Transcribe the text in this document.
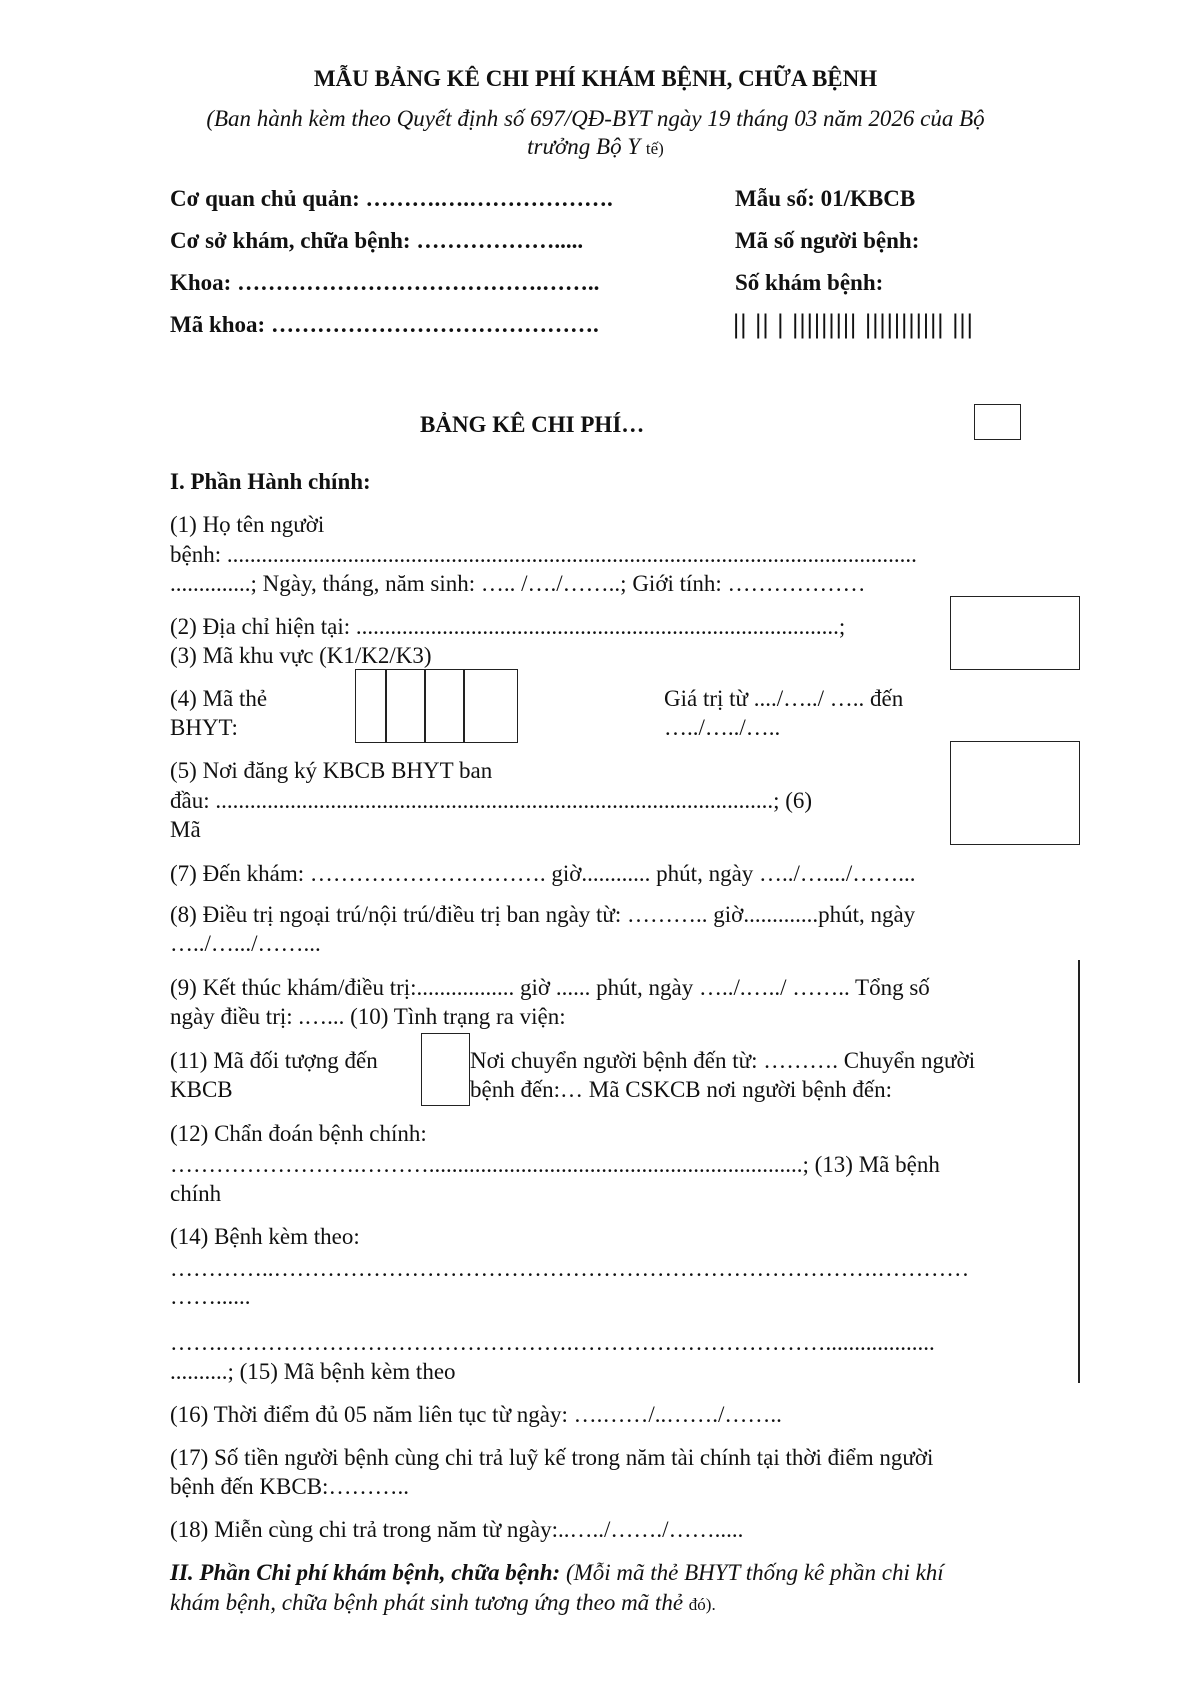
MẪU BẢNG KÊ CHI PHÍ KHÁM BỆNH, CHỮA BỆNH
(Ban hành kèm theo Quyết định số 697/QĐ-BYT ngày 19 tháng 03 năm 2026 của Bộ
trưởng Bộ Y tế)
Cơ quan chủ quản: ……….….……………….
Cơ sở khám, chữa bệnh: ……………….....
Khoa: ………………………………….……..
Mã khoa: …………………………………….
Mẫu số: 01/KBCB
Mã số người bệnh:
Số khám bệnh:
|| || | ||||||||| ||||||||||| |||
BẢNG KÊ CHI PHÍ…
I. Phần Hành chính:
(1) Họ tên người
bệnh: ........................................................................................................................
..............; Ngày, tháng, năm sinh: ….. /…./……..; Giới tính: ………………
(2) Địa chỉ hiện tại: ....................................................................................;
(3) Mã khu vực (K1/K2/K3)
(4) Mã thẻ
BHYT:
Giá trị từ ..../…../ ….. đến
…../…../…..
(5) Nơi đăng ký KBCB BHYT ban
đầu: .................................................................................................; (6)
Mã
(7) Đến khám: …………………………. giờ............ phút, ngày …../…..../……...
(8) Điều trị ngoại trú/nội trú/điều trị ban ngày từ: ……….. giờ.............phút, ngày
…../….../……...
(9) Kết thúc khám/điều trị:................. giờ ...... phút, ngày …../.…../ …….. Tổng số
ngày điều trị: .…... (10) Tình trạng ra viện:
(11) Mã đối tượng đến
KBCB
Nơi chuyển người bệnh đến từ: ………. Chuyển người
bệnh đến:… Mã CSKCB nơi người bệnh đến:
(12) Chẩn đoán bệnh chính:
…………………….……….................................................................; (13) Mã bệnh
chính
(14) Bệnh kèm theo:
…………..…………………………………………………………………….…………
……......
…….……………………………………….……………………………...................
..........; (15) Mã bệnh kèm theo
(16) Thời điểm đủ 05 năm liên tục từ ngày: ….……/..……./……..
(17) Số tiền người bệnh cùng chi trả luỹ kế trong năm tài chính tại thời điểm người
bệnh đến KBCB:………..
(18) Miễn cùng chi trả trong năm từ ngày:..…../……./…….....
II. Phần Chi phí khám bệnh, chữa bệnh: (Mỗi mã thẻ BHYT thống kê phần chi khí
khám bệnh, chữa bệnh phát sinh tương ứng theo mã thẻ đó).
